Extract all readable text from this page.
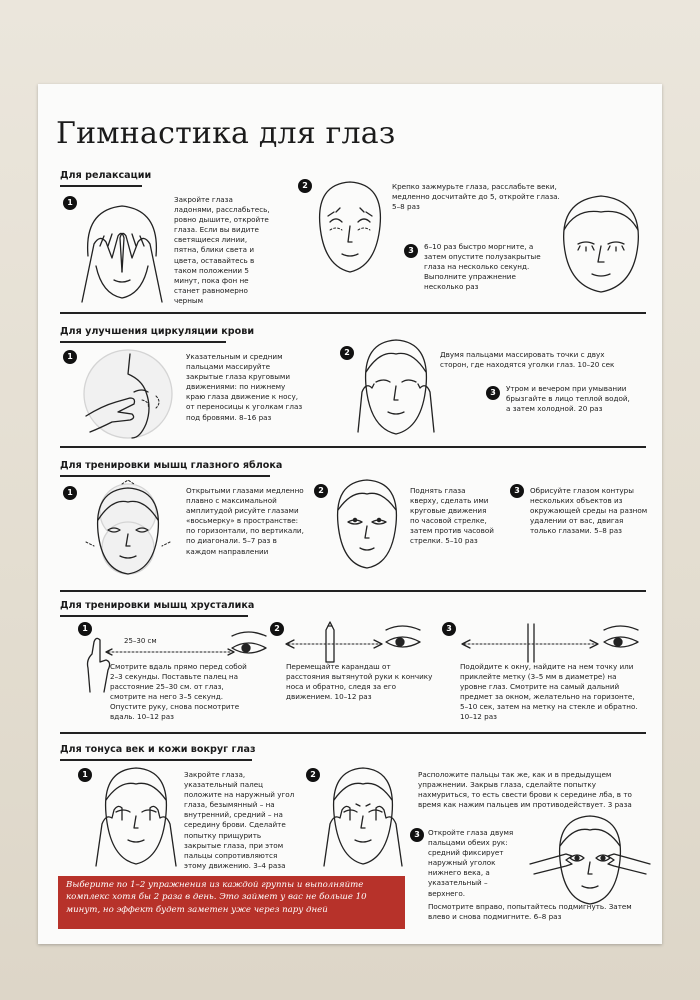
Гимнастика для глаз
Для релаксации
1	Закройте глаза ладонями, расслабьтесь, ровно дышите, откройте глаза. Если вы видите светящиеся линии, пятна, блики света и цвета, оставайтесь в таком положении 5 минут, пока фон не станет равномерно черным
2	Крепко зажмурьте глаза, расслабьте веки, медленно досчитайте до 5, откройте глаза. 5–8 раз
3	6–10 раз быстро моргните, а затем опустите полузакрытые глаза на несколько секунд. Выполните упражнение несколько раз
Для улучшения циркуляции крови
1	Указательным и средним пальцами массируйте закрытые глаза круговыми движениями: по нижнему краю глаза движение к носу, от переносицы к уголкам глаз под бровями. 8–16 раз
2	Двумя пальцами массировать точки с двух сторон, где находятся уголки глаз. 10–20 сек
3	Утром и вечером при умывании брызгайте в лицо теплой водой, а затем холодной. 20 раз
Для тренировки мышц глазного яблока
1	Открытыми глазами медленно плавно с максимальной амплитудой рисуйте глазами «восьмерку» в пространстве: по горизонтали, по вертикали, по диагонали. 5–7 раз в каждом направлении
2	Поднять глаза кверху, сделать ими круговые движения по часовой стрелке, затем против часовой стрелки. 5–10 раз
3	Обрисуйте глазом контуры нескольких объектов из окружающей среды на разном удалении от вас, двигая только глазами. 5–8 раз
Для тренировки мышц хрусталика
1
25–30 см
Смотрите вдаль прямо перед собой 2–3 секунды. Поставьте палец на расстояние 25–30 см. от глаз, смотрите на него 3–5 секунд. Опустите руку, снова посмотрите вдаль. 10–12 раз
2
Перемещайте карандаш от расстояния вытянутой руки к кончику носа и обратно, следя за его движением. 10–12 раз
3
Подойдите к окну, найдите на нем точку или приклейте метку (3–5 мм в диаметре) на уровне глаз. Смотрите на самый дальний предмет за окном, желательно на горизонте, 5–10 сек, затем на метку на стекле и обратно. 10–12 раз
Для тонуса век и кожи вокруг глаз
1	Закройте глаза, указательный палец положите на наружный угол глаза, безымянный – на внутренний, средний – на середину брови. Сделайте попытку прищурить закрытые глаза, при этом пальцы сопротивляются этому движению. 3–4 раза
2	Расположите пальцы так же, как и в предыдущем упражнении. Закрыв глаза, сделайте попытку нахмуриться, то есть свести брови к середине лба, в то время как нажим пальцев им противодействует. 3 раза
3	Откройте глаза двумя пальцами обеих рук: средний фиксирует наружный уголок нижнего века, а указательный – верхнего.
Посмотрите вправо, попытайтесь подмигнуть. Затем влево и снова подмигните. 6–8 раз
Выберите по 1–2 упражнения из каждой группы и выполняйте комплекс хотя бы 2 раза в день. Это займет у вас не больше 10 минут, но эффект будет заметен уже через пару дней
